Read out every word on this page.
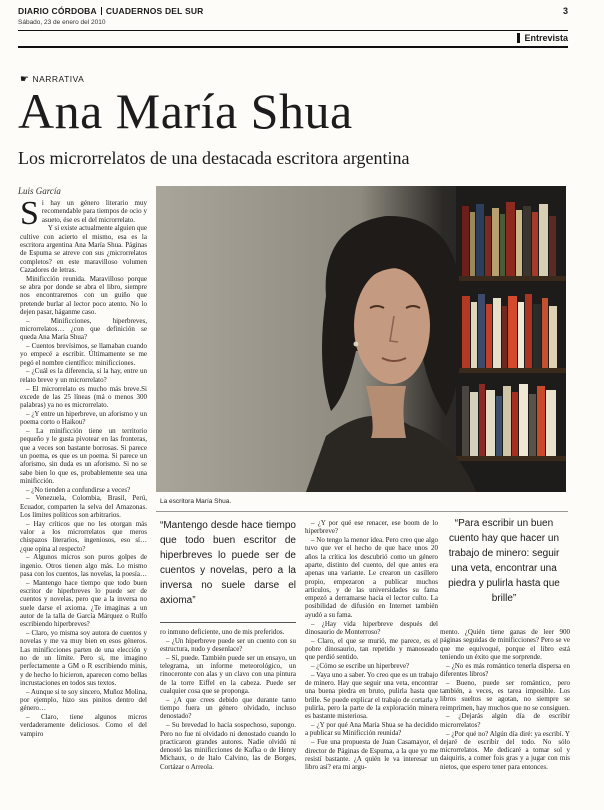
DIARIO CÓRDOBA CUADERNOS DEL SUR
Sábado, 23 de enero del 2010
3
Entrevista
☛ NARRATIVA
Ana María Shua
Los microrrelatos de una destacada escritora argentina
Luis García
S i hay un género literario muy recomendable para tiempos de ocio y asueto, ése es el del microrrelato.

Y si existe actualmente alguien que cultive con acierto el mismo, esa es la escritora argentina Ana María Shua. Páginas de Espuma se atreve con sus ¿microrrelatos completos? en este maravilloso volumen Cazadores de letras.

Minificción reunida. Maravilloso porque se abra por donde se abra el libro, siempre nos encontraremos con un guiño que pretende burlar al lector poco atento. No lo dejen pasar, háganme caso.

– Minificciones, hiperbreves, microrrelatos… ¿con que definición se queda Ana María Shua?

– Cuentos brevísimos, se llamaban cuando yo empecé a escribir. Últimamente se me pegó el nombre científico: minificciones.

– ¿Cuál es la diferencia, si la hay, entre un relato breve y un microrrelato?

– El microrrelato es mucho más breve.Si excede de las 25 líneas (má o menos 300 palabras) ya no es microrrelato.

– ¿Y entre un hiperbreve, un aforismo y un poema corto o Haikou?

– La minificción tiene un territorio pequeño y le gusta pivotear en las fronteras, que a veces son bastante borrosas. Si parece un poema, es que es un poema. Si parece un aforismo, sin duda es un aforismo. Si no se sabe bien lo que es, probablemente sea una minificción.

– ¿No tienden a confundirse a veces?

– Venezuela, Colombia, Brasil, Perú, Ecuador, comparten la selva del Amazonas. Los límites políticos son arbitrarios.

– Hay críticos que no les otorgan más valor a los microrrelatos que meros chispazos literarios, ingeniosos, eso sí… ¿que opina al respecto?

– Algunos micros son puros golpes de ingenio. Otros tienen algo más. Lo mismo pasa con los cuentos, las novelas, la poesía…

– Mantengo hace tiempo que todo buen escritor de hiperbreves lo puede ser de cuentos y novelas, pero que a la inversa no suele darse el axioma. ¿Te imaginas a un autor de la talla de García Márquez o Rulfo escribiendo hiperbreves?

– Claro, yo misma soy autora de cuentos y novelas y me va muy bien en esos géneros. Las minificciones parten de una elección y no de un límite. Pero si, me imagino perfectamente a GM o R escribiendo minis, y de hecho lo hicieron, aparecen como bellas incrustaciones en todos sus textos.

– Aunque si te soy sincero, Muñoz Molina, por ejemplo, hizo sus pinitos dentro del género…

– Claro, tiene algunos micros verdaderamente deliciosos. Como el del vampiro

La escritora María Shua.
“Mantengo desde hace tiempo que todo buen escritor de hiperbreves lo puede ser de cuentos y novelas, pero a la inversa no suele darse el axioma”
“Para escribir un buen cuento hay que hacer un trabajo de minero: seguir una veta, encontrar una piedra y pulirla hasta que brille”

ro inmuno deficiente, uno de mis preferidos.

– ¿Un hiperbreve puede ser un cuento con su estructura, nudo y desenlace?

– Sí, puede. También puede ser un ensayo, un telegrama, un informe meteorológico, un rinoceronte con alas y un clavo con una pintura de la torre Eiffel en la cabeza. Puede ser cualquier cosa que se proponga.

– ¿A que crees debido que durante tanto tiempo fuera un género olvidado, incluso denostado?

– Su brevedad lo hacía sospechoso, supongo. Pero no fue ni olvidado ni denostado cuando lo practicaron grandes autores. Nadie olvidó ni denostó las minificciones de Kafka o de Henry Michaux, o de Italo Calvino, las de Borges, Cortázar o Arreola.

– ¿Y por qué ese renacer, ese boom de lo hiperbreve?

– No tengo la menor idea. Pero creo que algo tuvo que ver el hecho de que hace unos 20 años la crítica los descubrió como un género aparte, distinto del cuento, del que antes era apenas una variante. Le crearon un casillero propio, empezaron a publicar muchos artículos, y de las universidades su fama empezó a derramarse hacia el lector culto. La posibilidad de difusión en Internet también ayudó a su fama.

– ¿Hay vida hiperbreve después del dinosaurio de Monterroso?

– Claro, el que se murió, me parece, es el pobre dinosaurio, tan repetido y manoseado que perdió sentido.

– ¿Cómo se escribe un hiperbreve?

– Vaya uno a saber. Yo creo que es un trabajo de minero. Hay que seguir una veta, encontrar una buena piedra en bruto, pulirla hasta que brille. Se puede explicar el trabajo de cortarla y pulirla, pero la parte de la exploración minera es bastante misteriosa.

– ¿Y por qué Ana María Shua se ha decidido a publicar su Minificción reunida?

– Fue una propuesta de Juan Casamayor, el director de Páginas de Espuma, a la que yo me resistí bastante. ¿A quién le va interesar un libro así? era mi argu-

mento. ¿Quién tiene ganas de leer 900 páginas seguidas de minificciones? Pero se ve que me equivoqué, porque el libro está teniendo un éxito que me sorprende.

– ¿No es más romántico tenerla dispersa en diferentes libros?

– Bueno, puede ser romántico, pero también, a veces, es tarea imposible. Los libros sueltos se agotan, no siempre se reimprimen, hay muchos que no se consiguen.

– ¿Dejarás algún día de escribir microrrelatos?

– ¿Por qué no? Algún día diré: ya escribí. Y dejaré de escribir del todo. No sólo microrrelatos. Me dedicaré a tomar sol y daiquiris, a comer fois gras y a jugar con mis nietos, que espero tener para entonces.
